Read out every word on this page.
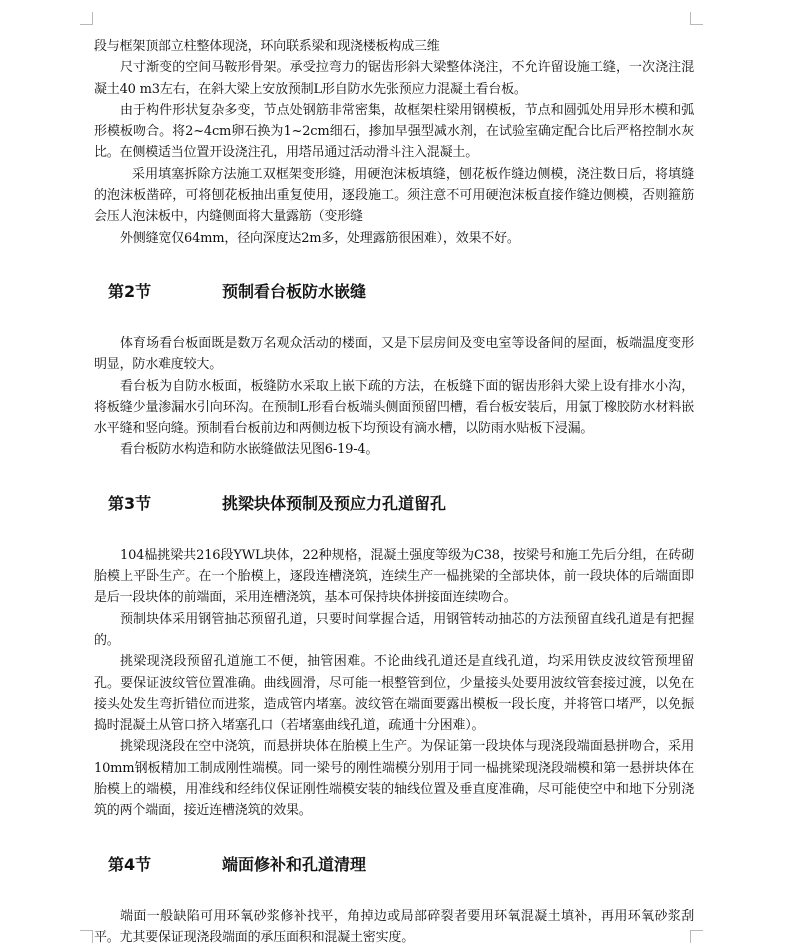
段与框架顶部立柱整体现浇，环向联系梁和现浇楼板构成三维

尺寸渐变的空间马鞍形骨架。承受拉弯力的锯齿形斜大梁整体浇注，不允许留设施工缝，一次浇注混凝土40 m3左右，在斜大梁上安放预制L形自防水先张预应力混凝土看台板。

由于构件形状复杂多变，节点处钢筋非常密集，故框架柱梁用钢模板，节点和圆弧处用异形木模和弧形模板吻合。将2~4cm卵石换为1~2cm细石，掺加早强型减水剂，在试验室确定配合比后严格控制水灰比。在侧模适当位置开设浇注孔，用塔吊通过活动滑斗注入混凝土。

采用填塞拆除方法施工双框架变形缝，用硬泡沫板填缝，刨花板作缝边侧模，浇注数日后，将填缝的泡沫板凿碎，可将刨花板抽出重复使用，逐段施工。须注意不可用硬泡沫板直接作缝边侧模，否则箍筋会压人泡沫板中，内缝侧面将大量露筋（变形缝

外侧缝宽仅64mm，径向深度达2m多，处理露筋很困难），效果不好。

第2节	预制看台板防水嵌缝

体育场看台板面既是数万名观众活动的楼面，又是下层房间及变电室等设备间的屋面，板端温度变形明显，防水难度较大。

看台板为自防水板面，板缝防水采取上嵌下疏的方法，在板缝下面的锯齿形斜大梁上设有排水小沟，将板缝少量渗漏水引向环沟。在预制L形看台板端头侧面预留凹槽，看台板安装后，用氯丁橡胶防水材料嵌水平缝和竖向缝。预制看台板前边和两侧边板下均预设有滴水槽，以防雨水贴板下浸漏。

看台板防水构造和防水嵌缝做法见图6-19-4。

第3节	挑梁块体预制及预应力孔道留孔

104榀挑梁共216段YWL块体，22种规格，混凝土强度等级为C38，按梁号和施工先后分组，在砖砌胎模上平卧生产。在一个胎模上，逐段连槽浇筑，连续生产一榀挑梁的全部块体，前一段块体的后端面即是后一段块体的前端面，采用连槽浇筑，基本可保持块体拼接面连续吻合。

预制块体采用钢管抽芯预留孔道，只要时间掌握合适，用钢管转动抽芯的方法预留直线孔道是有把握的。

挑梁现浇段预留孔道施工不便，抽管困难。不论曲线孔道还是直线孔道，均采用铁皮波纹管预埋留孔。要保证波纹管位置准确。曲线圆滑，尽可能一根整管到位，少量接头处要用波纹管套接过渡，以免在接头处发生弯折错位而进浆，造成管内堵塞。波纹管在端面要露出模板一段长度，并将管口堵严，以免振捣时混凝土从管口挤入堵塞孔口（若堵塞曲线孔道，疏通十分困难）。

挑梁现浇段在空中浇筑，而悬拼块体在胎模上生产。为保证第一段块体与现浇段端面悬拼吻合，采用10mm钢板精加工制成刚性端模。同一梁号的刚性端模分别用于同一榀挑梁现浇段端模和第一悬拼块体在胎模上的端模，用准线和经纬仪保证刚性端模安装的轴线位置及垂直度准确，尽可能使空中和地下分别浇筑的两个端面，接近连槽浇筑的效果。

第4节	端面修补和孔道清理

端面一般缺陷可用环氧砂浆修补找平，角掉边或局部碎裂者要用环氧混凝土填补，再用环氧砂浆刮平。尤其要保证现浇段端面的承压面积和混凝土密实度。
